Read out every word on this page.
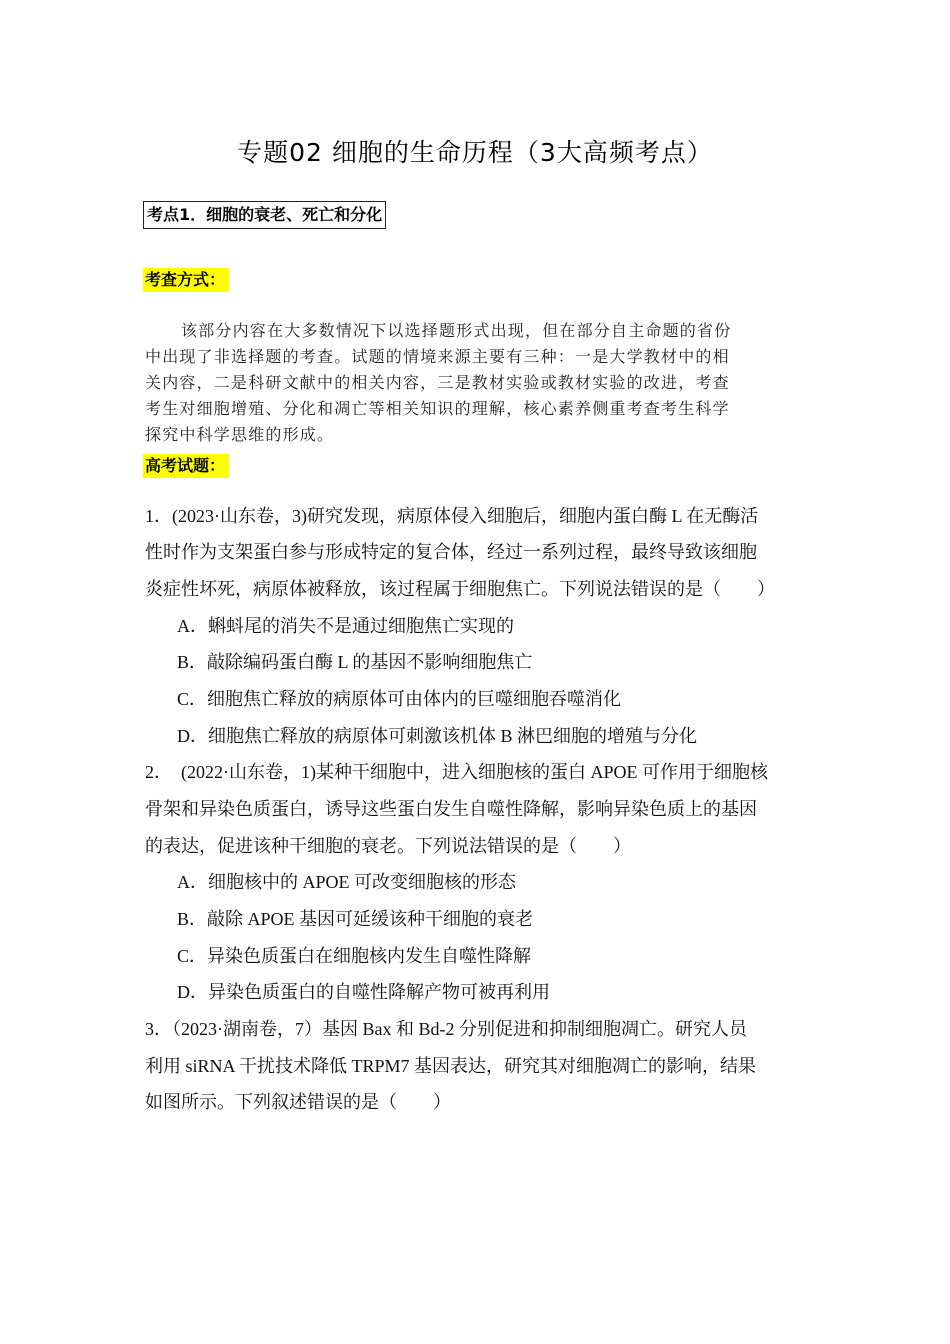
专题02 细胞的生命历程（3大高频考点）
考点1．细胞的衰老、死亡和分化
考查方式：
该部分内容在大多数情况下以选择题形式出现，但在部分自主命题的省份
中出现了非选择题的考查。试题的情境来源主要有三种：一是大学教材中的相
关内容，二是科研文献中的相关内容，三是教材实验或教材实验的改进，考查
考生对细胞增殖、分化和凋亡等相关知识的理解，核心素养侧重考查考生科学
探究中科学思维的形成。
高考试题：
1．(2023·山东卷，3)研究发现，病原体侵入细胞后，细胞内蛋白酶 L 在无酶活
性时作为支架蛋白参与形成特定的复合体，经过一系列过程，最终导致该细胞
炎症性坏死，病原体被释放，该过程属于细胞焦亡。下列说法错误的是（　　）
A．蝌蚪尾的消失不是通过细胞焦亡实现的
B．敲除编码蛋白酶 L 的基因不影响细胞焦亡
C．细胞焦亡释放的病原体可由体内的巨噬细胞吞噬消化
D．细胞焦亡释放的病原体可刺激该机体 B 淋巴细胞的增殖与分化
2．　(2022·山东卷，1)某种干细胞中，进入细胞核的蛋白 APOE 可作用于细胞核
骨架和异染色质蛋白，诱导这些蛋白发生自噬性降解，影响异染色质上的基因
的表达，促进该种干细胞的衰老。下列说法错误的是（　　）
A．细胞核中的 APOE 可改变细胞核的形态
B．敲除 APOE 基因可延缓该种干细胞的衰老
C．异染色质蛋白在细胞核内发生自噬性降解
D．异染色质蛋白的自噬性降解产物可被再利用
3．（2023·湖南卷，7）基因 Bax 和 Bd-2 分别促进和抑制细胞凋亡。研究人员
利用 siRNA 干扰技术降低 TRPM7 基因表达，研究其对细胞凋亡的影响，结果
如图所示。下列叙述错误的是（　　）
